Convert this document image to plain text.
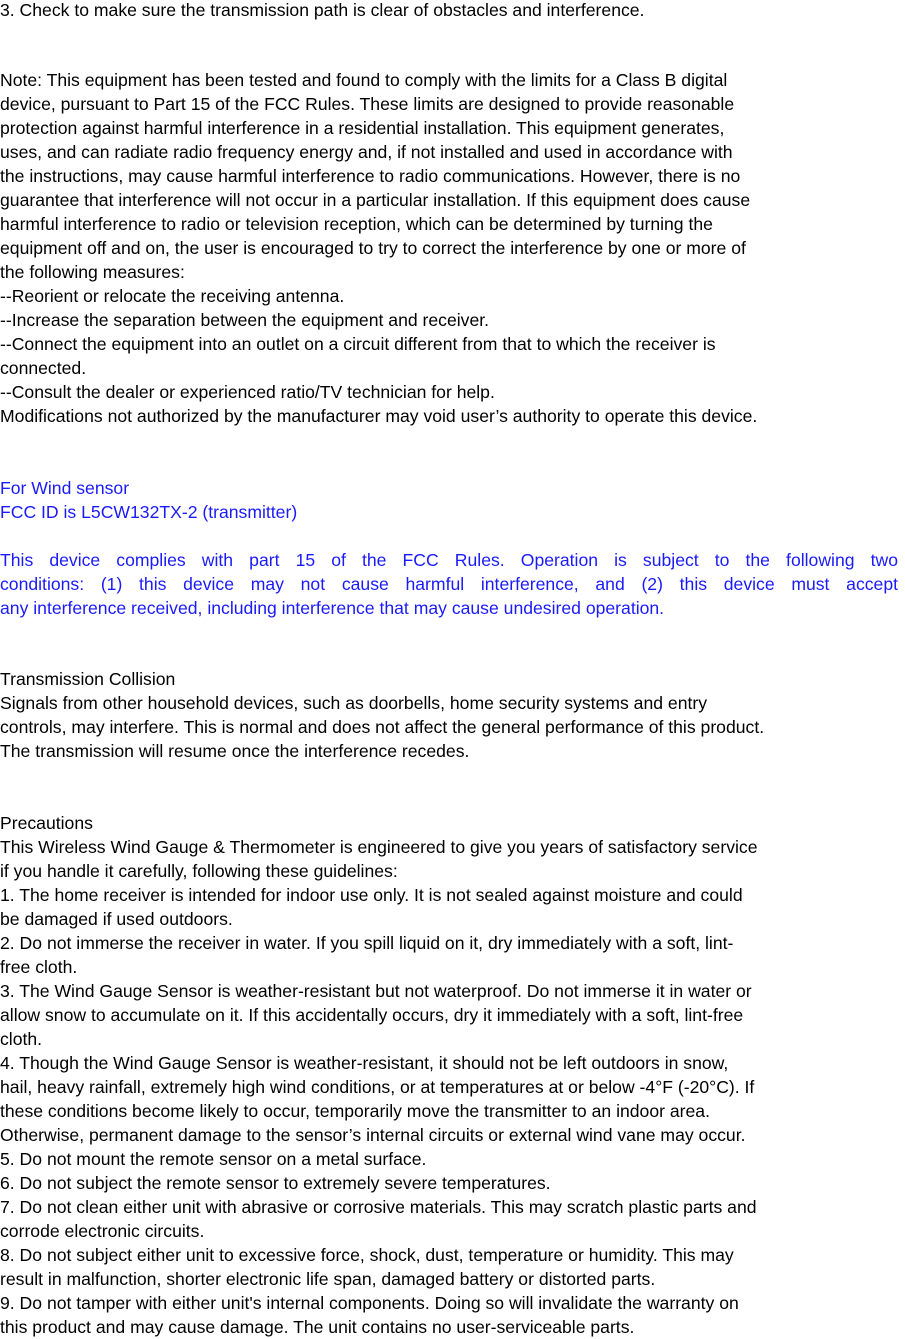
3. Check to make sure the transmission path is clear of obstacles and interference.
Note: This equipment has been tested and found to comply with the limits for a Class B digital
device, pursuant to Part 15 of the FCC Rules. These limits are designed to provide reasonable
protection against harmful interference in a residential installation. This equipment generates,
uses, and can radiate radio frequency energy and, if not installed and used in accordance with
the instructions, may cause harmful interference to radio communications. However, there is no
guarantee that interference will not occur in a particular installation. If this equipment does cause
harmful interference to radio or television reception, which can be determined by turning the
equipment off and on, the user is encouraged to try to correct the interference by one or more of
the following measures:
--Reorient or relocate the receiving antenna.
--Increase the separation between the equipment and receiver.
--Connect the equipment into an outlet on a circuit different from that to which the receiver is
connected.
--Consult the dealer or experienced ratio/TV technician for help.
Modifications not authorized by the manufacturer may void user’s authority to operate this device.
For Wind sensor
FCC ID is L5CW132TX-2 (transmitter)
This device complies with part 15 of the FCC Rules. Operation is subject to the following two
conditions: (1) this device may not cause harmful interference, and (2) this device must accept
any interference received, including interference that may cause undesired operation.
Transmission Collision
Signals from other household devices, such as doorbells, home security systems and entry
controls, may interfere. This is normal and does not affect the general performance of this product.
The transmission will resume once the interference recedes.
Precautions
This Wireless Wind Gauge & Thermometer is engineered to give you years of satisfactory service
if you handle it carefully, following these guidelines:
1. The home receiver is intended for indoor use only. It is not sealed against moisture and could
be damaged if used outdoors.
2. Do not immerse the receiver in water. If you spill liquid on it, dry immediately with a soft, lint-
free cloth.
3. The Wind Gauge Sensor is weather-resistant but not waterproof. Do not immerse it in water or
allow snow to accumulate on it. If this accidentally occurs, dry it immediately with a soft, lint-free
cloth.
4. Though the Wind Gauge Sensor is weather-resistant, it should not be left outdoors in snow,
hail, heavy rainfall, extremely high wind conditions, or at temperatures at or below -4°F (-20°C). If
these conditions become likely to occur, temporarily move the transmitter to an indoor area.
Otherwise, permanent damage to the sensor’s internal circuits or external wind vane may occur.
5. Do not mount the remote sensor on a metal surface.
6. Do not subject the remote sensor to extremely severe temperatures.
7. Do not clean either unit with abrasive or corrosive materials. This may scratch plastic parts and
corrode electronic circuits.
8. Do not subject either unit to excessive force, shock, dust, temperature or humidity. This may
result in malfunction, shorter electronic life span, damaged battery or distorted parts.
9. Do not tamper with either unit's internal components. Doing so will invalidate the warranty on
this product and may cause damage. The unit contains no user-serviceable parts.
